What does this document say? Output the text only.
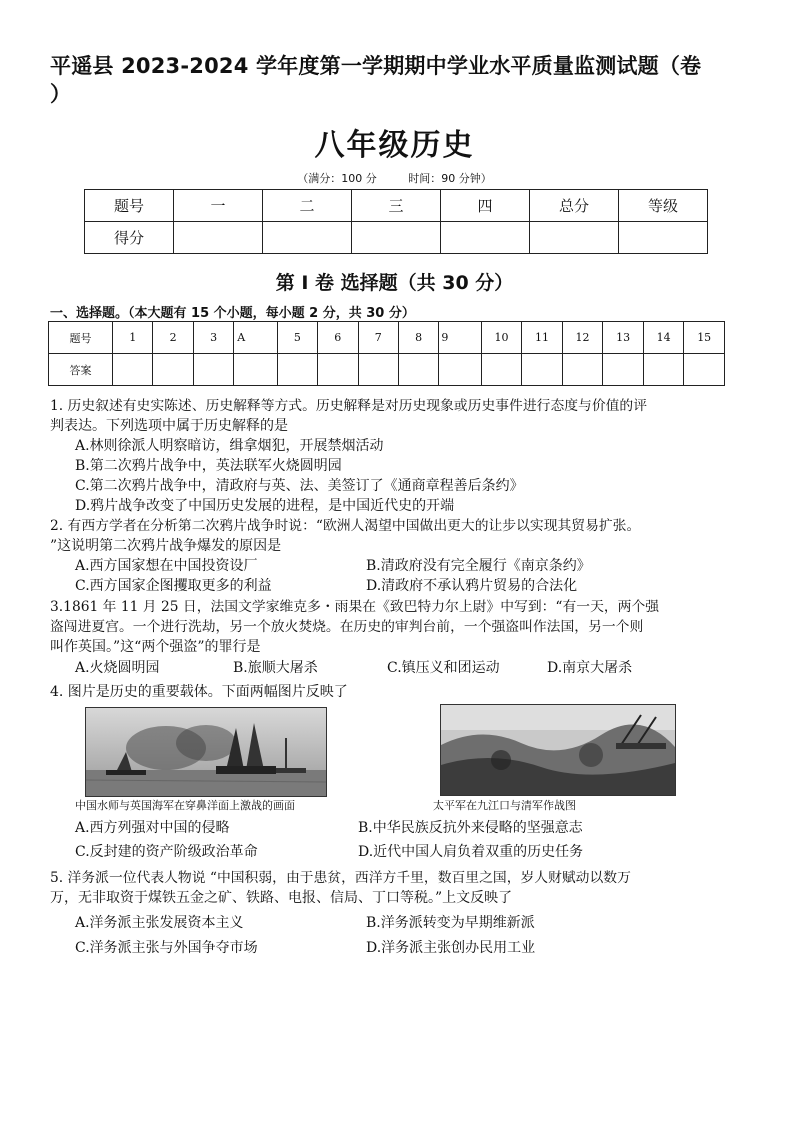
平遥县 2023-2024 学年度第一学期期中学业水平质量监测试题（卷
）
八年级历史
（满分：100 分	时间：90 分钟）
题号	一	二	三	四	总分	等级
得分						
第 I 卷 选择题（共 30 分）
一、选择题。（本大题有 15 个小题，每小题 2 分，共 30 分）
题号	1	2	3	A	5	6	7	8	9	10	11	12	13	14	15
答案															
1. 历史叙述有史实陈述、历史解释等方式。历史解释是对历史现象或历史事件进行态度与价值的评
判表达。下列选项中属于历史解释的是
A.林则徐派人明察暗访，缉拿烟犯，开展禁烟活动
B.第二次鸦片战争中，英法联军火烧圆明园
C.第二次鸦片战争中，清政府与英、法、美签订了《通商章程善后条约》
D.鸦片战争改变了中国历史发展的进程，是中国近代史的开端
2. 有西方学者在分析第二次鸦片战争时说：“欧洲人渴望中国做出更大的让步以实现其贸易扩张。
”这说明第二次鸦片战争爆发的原因是
A.西方国家想在中国投资设厂	B.清政府没有完全履行《南京条约》
C.西方国家企图攫取更多的利益	D.清政府不承认鸦片贸易的合法化
3.1861 年 11 月 25 日，法国文学家维克多・雨果在《致巴特力尔上尉》中写到：“有一天，两个强
盗闯进夏宫。一个进行洗劫，另一个放火焚烧。在历史的审判台前，一个强盗叫作法国，另一个则
叫作英国。”这“两个强盗”的罪行是
A.火烧圆明园	B.旅顺大屠杀	C.镇压义和团运动	D.南京大屠杀
4. 图片是历史的重要载体。下面两幅图片反映了
中国水师与英国海军在穿鼻洋面上激战的画面	太平军在九江口与清军作战图
A.西方列强对中国的侵略	B.中华民族反抗外来侵略的坚强意志
C.反封建的资产阶级政治革命	D.近代中国人肩负着双重的历史任务
5. 洋务派一位代表人物说 “中国积弱，由于患贫，西洋方千里，数百里之国，岁人财赋动以数万
万，无非取资于煤铁五金之矿、铁路、电报、信局、丁口等税。”上文反映了
A.洋务派主张发展资本主义	B.洋务派转变为早期维新派
C.洋务派主张与外国争夺市场	D.洋务派主张创办民用工业
